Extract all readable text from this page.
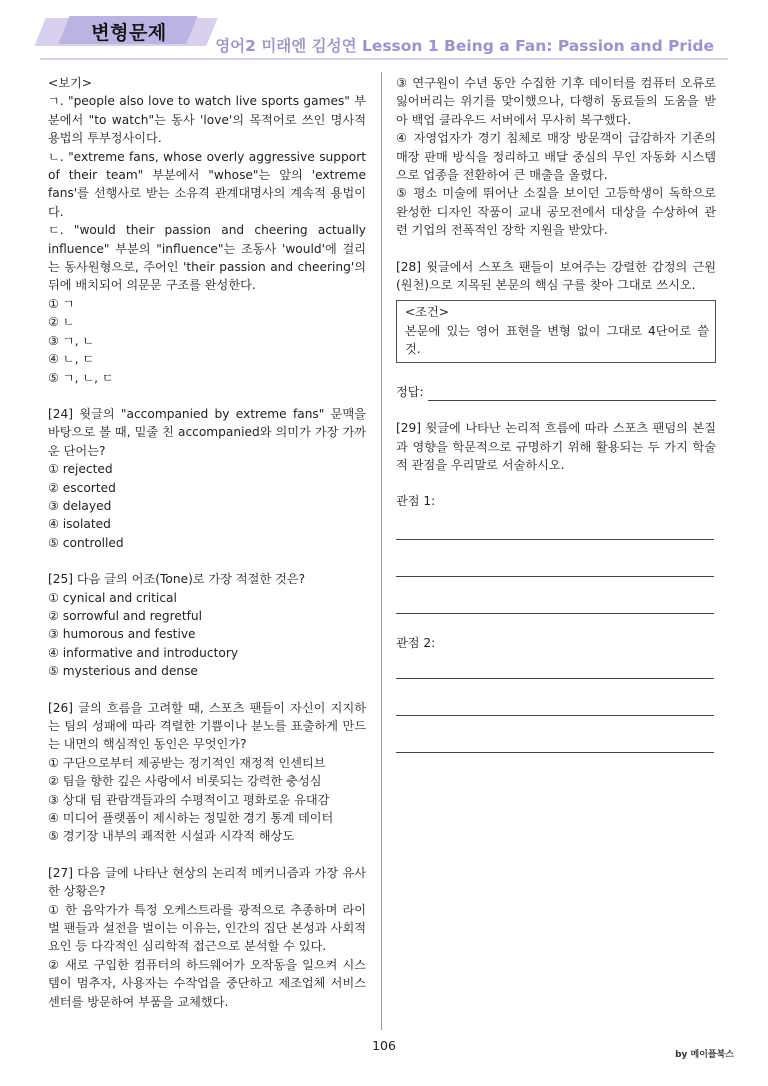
변형문제
영어2 미래엔 김성연 Lesson 1 Being a Fan: Passion and Pride

<보기>

ㄱ. "people also love to watch live sports games" 부분에서 "to watch"는 동사 'love'의 목적어로 쓰인 명사적 용법의 투부정사이다.

ㄴ. "extreme fans, whose overly aggressive support of their team" 부분에서 "whose"는 앞의 'extreme fans'를 선행사로 받는 소유격 관계대명사의 계속적 용법이다.

ㄷ. "would their passion and cheering actually influence" 부분의 "influence"는 조동사 'would'에 걸리는 동사원형으로, 주어인 'their passion and cheering'의 뒤에 배치되어 의문문 구조를 완성한다.

① ㄱ

② ㄴ

③ ㄱ, ㄴ

④ ㄴ, ㄷ

⑤ ㄱ, ㄴ, ㄷ

[24] 윗글의 "accompanied by extreme fans" 문맥을 바탕으로 볼 때, 밑줄 친 accompanied와 의미가 가장 가까운 단어는?

① rejected

② escorted

③ delayed

④ isolated

⑤ controlled

[25] 다음 글의 어조(Tone)로 가장 적절한 것은?

① cynical and critical

② sorrowful and regretful

③ humorous and festive

④ informative and introductory

⑤ mysterious and dense

[26] 글의 흐름을 고려할 때, 스포츠 팬들이 자신이 지지하는 팀의 성패에 따라 격렬한 기쁨이나 분노를 표출하게 만드는 내면의 핵심적인 동인은 무엇인가?

① 구단으로부터 제공받는 정기적인 재정적 인센티브

② 팀을 향한 깊은 사랑에서 비롯되는 강력한 충성심

③ 상대 팀 관람객들과의 수평적이고 평화로운 유대감

④ 미디어 플랫폼이 제시하는 정밀한 경기 통계 데이터

⑤ 경기장 내부의 쾌적한 시설과 시각적 해상도

[27] 다음 글에 나타난 현상의 논리적 메커니즘과 가장 유사한 상황은?

① 한 음악가가 특정 오케스트라를 광적으로 추종하며 라이벌 팬들과 설전을 벌이는 이유는, 인간의 집단 본성과 사회적 요인 등 다각적인 심리학적 접근으로 분석할 수 있다.

② 새로 구입한 컴퓨터의 하드웨어가 오작동을 일으켜 시스템이 멈추자, 사용자는 수작업을 중단하고 제조업체 서비스 센터를 방문하여 부품을 교체했다.

③ 연구원이 수년 동안 수집한 기후 데이터를 컴퓨터 오류로 잃어버리는 위기를 맞이했으나, 다행히 동료들의 도움을 받아 백업 클라우드 서버에서 무사히 복구했다.

④ 자영업자가 경기 침체로 매장 방문객이 급감하자 기존의 매장 판매 방식을 정리하고 배달 중심의 무인 자동화 시스템으로 업종을 전환하여 큰 매출을 올렸다.

⑤ 평소 미술에 뛰어난 소질을 보이던 고등학생이 독학으로 완성한 디자인 작품이 교내 공모전에서 대상을 수상하여 관련 기업의 전폭적인 장학 지원을 받았다.

[28] 윗글에서 스포츠 팬들이 보여주는 강렬한 감정의 근원(원천)으로 지목된 본문의 핵심 구를 찾아 그대로 쓰시오.

<조건>
본문에 있는 영어 표현을 변형 없이 그대로 4단어로 쓸 것.
정답:

[29] 윗글에 나타난 논리적 흐름에 따라 스포츠 팬덤의 본질과 영향을 학문적으로 규명하기 위해 활용되는 두 가지 학술적 관점을 우리말로 서술하시오.

관점 1:

관점 2:

106
by 메이플북스
